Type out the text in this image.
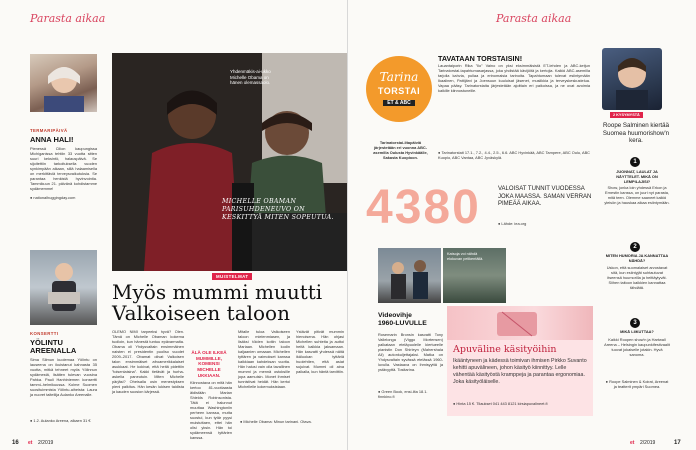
Parasta aikaa
TERMARIPÄIVÄ
ANNA HALI!
Pienessä Cilion kaupungissa Michiganissa tehtiin 33 vuotta sitten suuri keksintö, halauspäivä. Se sijoitettiin tarkoituksella vuoden synkimpään aikaan, sillä halaamisella on merkittäviä terveysvaikutuksia. Se parantaa henkistä hyvinvointia. Tammikuun 21. päivänä kohdistamme sydämemme!
● nationalhuggingday.com
KONSERTTI
YÖLINTU
AREENALLA
Sima Silmun kuolemaa Yölintu on lauseena on ikuistanut kahnasta 35 vuotta, mitkä tehneet myös Yölinnun sydämestä, lisätien tulevan vuosina Pahka. Pauli Hanhiniemen konsertti tammi–helmikuussa. Kolme Suomen suosituimmista Yölintu-aiheista: Laura ja nuoret taiteilija Aulanko Areenalle.
● 1.2. Aulanko Areena, alkaen 31 €
Yhdenmäkis-ai-ukko Michelle Obama on hänen olemassaolo.
MICHELLE OBAMAN PARISUHDENEUVO ON KESKITTYÄ MITEN SOPEUTUA.
MUISTELMAT
Myös mummi muutti
Valkoiseen taloon
OLEMO NIMI tarpeeksi hyvä? Olen. Tämä on Michelle Obaman kokema tuolloin, kun hänestä tuntuu epävarmalta. Obama oli Yhdysvaltain ensimmäinen naisten ei presidentin puoliso vuodet 2009–2017. Obamat olivat Valkoisen talon ensimmäiset afroamerikkalaiset asukkaat. He kokivat, että heitä pidettiin ”toisenlaisina”. Kakki tietävät ja hurha-askelia paneutuin. Miten Michelle pärjäsi? Oheisalla osin menestyksen pieni palkitus. Hän kesän lukisen taidista ja kauden suosion kärjessä.
ÄLÄ OLE ILKEÄ MUMMILLE, KOMENSI MICHELLE UKKIAAN.
Kiinnostava on mitä hän kertoo 81-vuotiaasta äidistään Marian Shields Robinsonista. Tätä ei halunnut muuttaa Washingtoniin perheen kanssa, mutta suostui, kun tytär pyysi muistuttaen, ettei hän olisi yksin. Hän toi sydämeensä tyttärien kanssa.
Mitalle tuloa Valkoiseen taloon mielenmiasen, ja lisäksi töiden kotiin taloon Mariaan. Michellen kodin kaljaanien omaaan. Michellen tyttären ja vaimokset kanssa kaikkiaan kahdeksan vuotta. Hän halusi vain olla tavallinen mummi ja mennä ostoksille jopa aamuisin. Monet ihmiset tunnistivat heidät. Hän kertoi Michellelle kokemuksistaan.
Ystävät pitivät mummin hienoisena. Hän ohjasi Michellen suhteita ja auttoi heitä kaikkia jaksamaan. Hän kasvatti yhdessä näitä ikäluokan tyttäriä huolehtien, että asiat sujuivat. Mummi oli aina paikalla, kun häntä tarvittiin.
● Michelle Obama: Minun tarinani. Otava.
16 et 2/2019
Parasta aikaa
Tarina
TORSTAI
ET & ABC
Tarinatorstai-iltapäiviä järjestetään eri vuonna ABC-asemilla Oulusta Hyvinkäälle, Sakasta Kuopioon.
TAVATAAN TORSTAISIN!
Lauantaiporin Rika ”Ilo” Vaino on yksi eksimmäisistä ET-lehden ja ABC-ketjun Tarinatorstai-tapahtumasarjassa, joka yhdistää kävijöitä ja kertojia. Kaikki ABC-asemilla tarjolla kahvia, pullaa ja erinomaisia tarinoita. Tapahtumaan tulevat esiintymään Ikaalinen, Pattijärvi ja Joensuun kuuluisat jäsenet, musiikkia ja terveyskeskustelua. Vapaa pääsy. Tarinatorstaita järjestetään ajoittain eri paikoissa, ja ne ovat avoimia kaikille kiinnostuneille.
● Tarinatorstait 17.1., 7.2., 4.4., 2.5., 6.6. ABC Hyvinkää, ABC Tampere, ABC Oulu, ABC Kuopio, ABC Vantaa, ABC Jyväskylä.
4380	VALOISAT TUNNIT VUODESSA JOKA MAASSA. SAMAN VERRAN PIMEÄÄ AIKAA.
● Lähde: iea.org
Katsoja voi nähdä elokuvan pelikentällä.
Videovihje
1960-LUVULLE
Rosemarin Bronsin kasvatti Tony Vallelonga (Viggo Mortensen) palkataan eteläpuolelle kiertueelle pianistin Don Shirleyn (Mahershala Ali) autonkuljettajaksi. Matka on Yhdysvaltain syvässä etelässä 1960-luvulla. Vastaava on ihmisyyttä ja ystävyyttä. Tositarina.
● Green Book, ensi-ilta 18.1. finnkino.fi
Apuväline käsityöihin
Ikääntyneen ja kädessä toimivan ihmisen Pirkko Suvanto kehitti apuvälineen, johon käsityö kiinnittyy. Lelle vähentää käsityöstä kramppeja ja parantaa ergonomiaa. Joka käsityöläiselle.
● Hinta 15 €. Tilaukset 041 443 8121 kirsiapuvalineet.fi
2 KYSYMYSTÄ
Roope Salminen kiertää Suomea huumorishow'n kera.
1
JUONNAT, LAULAT JA NÄYTTELET. MIKÄ ON LEMPILAJISI?
Show, jonka loin yhdessä Erkon ja Ernestin kanssa, on juuri nyt parasta, mitä teen. Olemme saaneet kaikki yleisön ja hauskaa aikaa esiintymään.
2
MITEN HUMORIA JA KANNATTAA NÄHDÄ?
Uskon, että suomalaiset arvostavat sitä, kun esiintyjät suhtautuvat itseensä huumorilla ja heittäytyvät. Siihen taitoon kaikkien kannattaa tähdätä.
3
MIKÄ LIIKUTTAA?
Kaikki Roopen show'n ja Hartwall Areena – Helsingin kaupunkifestivaalit tuovat jokaiselle jotakin. Hyvä sanoma.
● Roope Salminen & Koirat, Areenat ja teatterit ympäri Suomea.
et 2/2019	17
